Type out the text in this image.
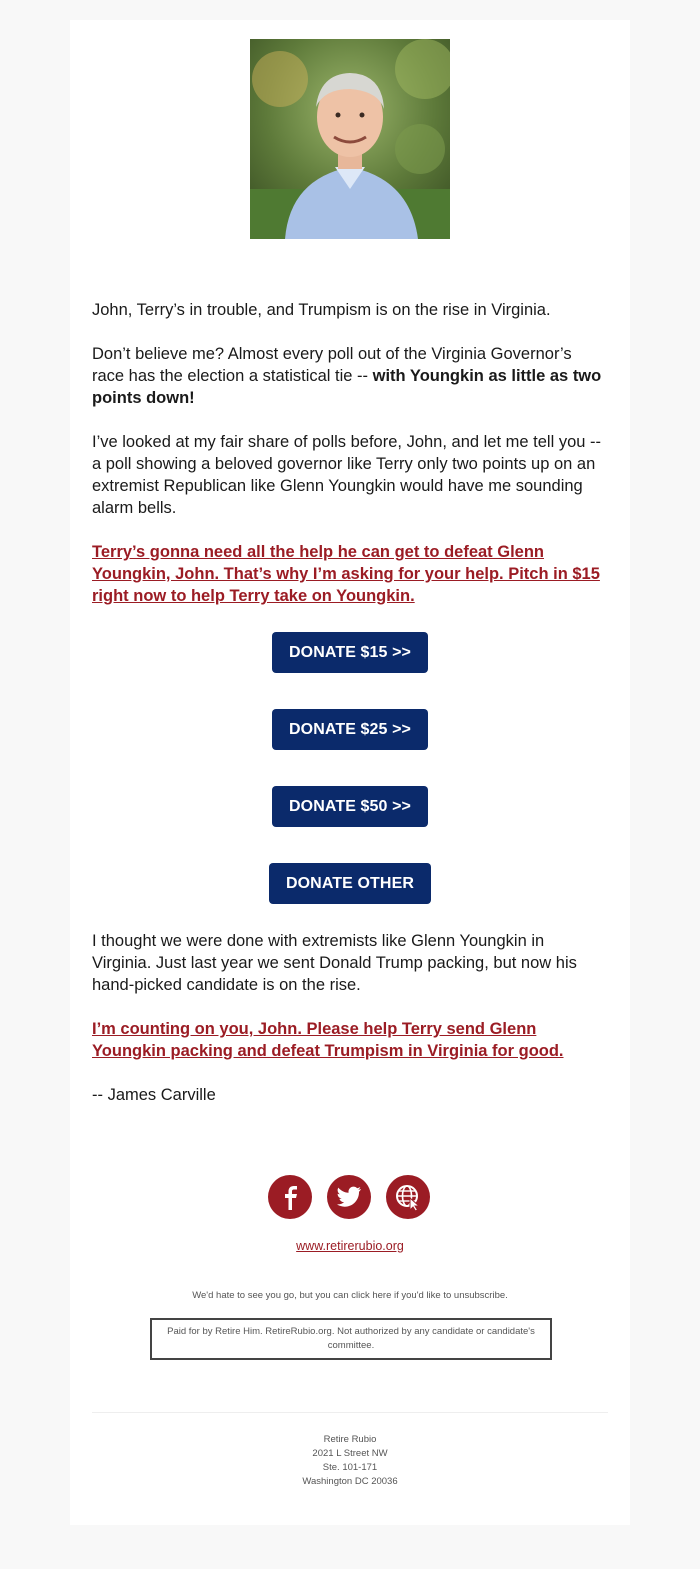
John, Terry’s in trouble, and Trumpism is on the rise in Virginia.

Don’t believe me? Almost every poll out of the Virginia Governor’s race has the election a statistical tie -- with Youngkin as little as two points down!

I’ve looked at my fair share of polls before, John, and let me tell you -- a poll showing a beloved governor like Terry only two points up on an extremist Republican like Glenn Youngkin would have me sounding alarm bells.

Terry’s gonna need all the help he can get to defeat Glenn Youngkin, John. That’s why I’m asking for your help. Pitch in $15 right now to help Terry take on Youngkin.

DONATE $15 >>
DONATE $25 >>
DONATE $50 >>
DONATE OTHER

I thought we were done with extremists like Glenn Youngkin in Virginia. Just last year we sent Donald Trump packing, but now his hand-picked candidate is on the rise.

I’m counting on you, John. Please help Terry send Glenn Youngkin packing and defeat Trumpism in Virginia for good.

-- James Carville

www.retirerubio.org
We'd hate to see you go, but you can click here if you'd like to unsubscribe.
Paid for by Retire Him. RetireRubio.org. Not authorized by any candidate or candidate's committee.
Retire Rubio
2021 L Street NW
Ste. 101-171
Washington DC 20036
